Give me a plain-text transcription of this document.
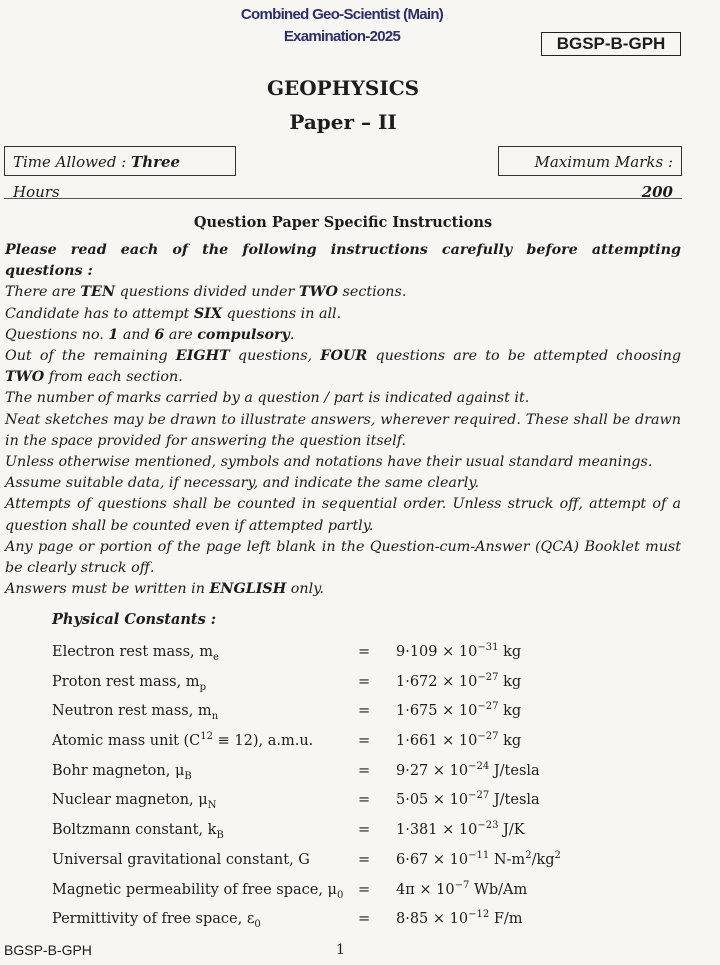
Combined Geo-Scientist (Main)
Examination-2025	BGSP-B-GPH
GEOPHYSICS
Paper – II
Time Allowed : Three Hours
Maximum Marks : 200
Question Paper Specific Instructions

Please read each of the following instructions carefully before attempting questions :

There are TEN questions divided under TWO sections.

Candidate has to attempt SIX questions in all.

Questions no. 1 and 6 are compulsory.

Out of the remaining EIGHT questions, FOUR questions are to be attempted choosing TWO from each section.

The number of marks carried by a question / part is indicated against it.

Neat sketches may be drawn to illustrate answers, wherever required. These shall be drawn in the space provided for answering the question itself.

Unless otherwise mentioned, symbols and notations have their usual standard meanings.

Assume suitable data, if necessary, and indicate the same clearly.

Attempts of questions shall be counted in sequential order. Unless struck off, attempt of a question shall be counted even if attempted partly.

Any page or portion of the page left blank in the Question-cum-Answer (QCA) Booklet must be clearly struck off.

Answers must be written in ENGLISH only.

Physical Constants :
Electron rest mass, $m_e$	= $9\cdot 109 \times 10^{-31}$ kg
Proton rest mass, $m_p$	= $1\cdot 672 \times 10^{-27}$ kg
Neutron rest mass, $m_n$	= $1\cdot 675 \times 10^{-27}$ kg
Atomic mass unit $(C^{12} \equiv 12)$, a.m.u.	= $1\cdot 661 \times 10^{-27}$ kg
Bohr magneton, $\mu_B$	= $9\cdot 27 \times 10^{-24}$ J/tesla
Nuclear magneton, $\mu_N$	= $5\cdot 05 \times 10^{-27}$ J/tesla
Boltzmann constant, $k_B$	= $1\cdot 381 \times 10^{-23}$ J/K
Universal gravitational constant, G	= $6\cdot 67 \times 10^{-11}$ $N-m^2/kg^2$
Magnetic permeability of free space, $\mu_0 = 4\pi \times 10^{-7}$ Wb/Am
Permittivity of free space, $\varepsilon_0$	= $8\cdot 85 \times 10^{-12}$ F/m
BGSP-B-GPH	1
